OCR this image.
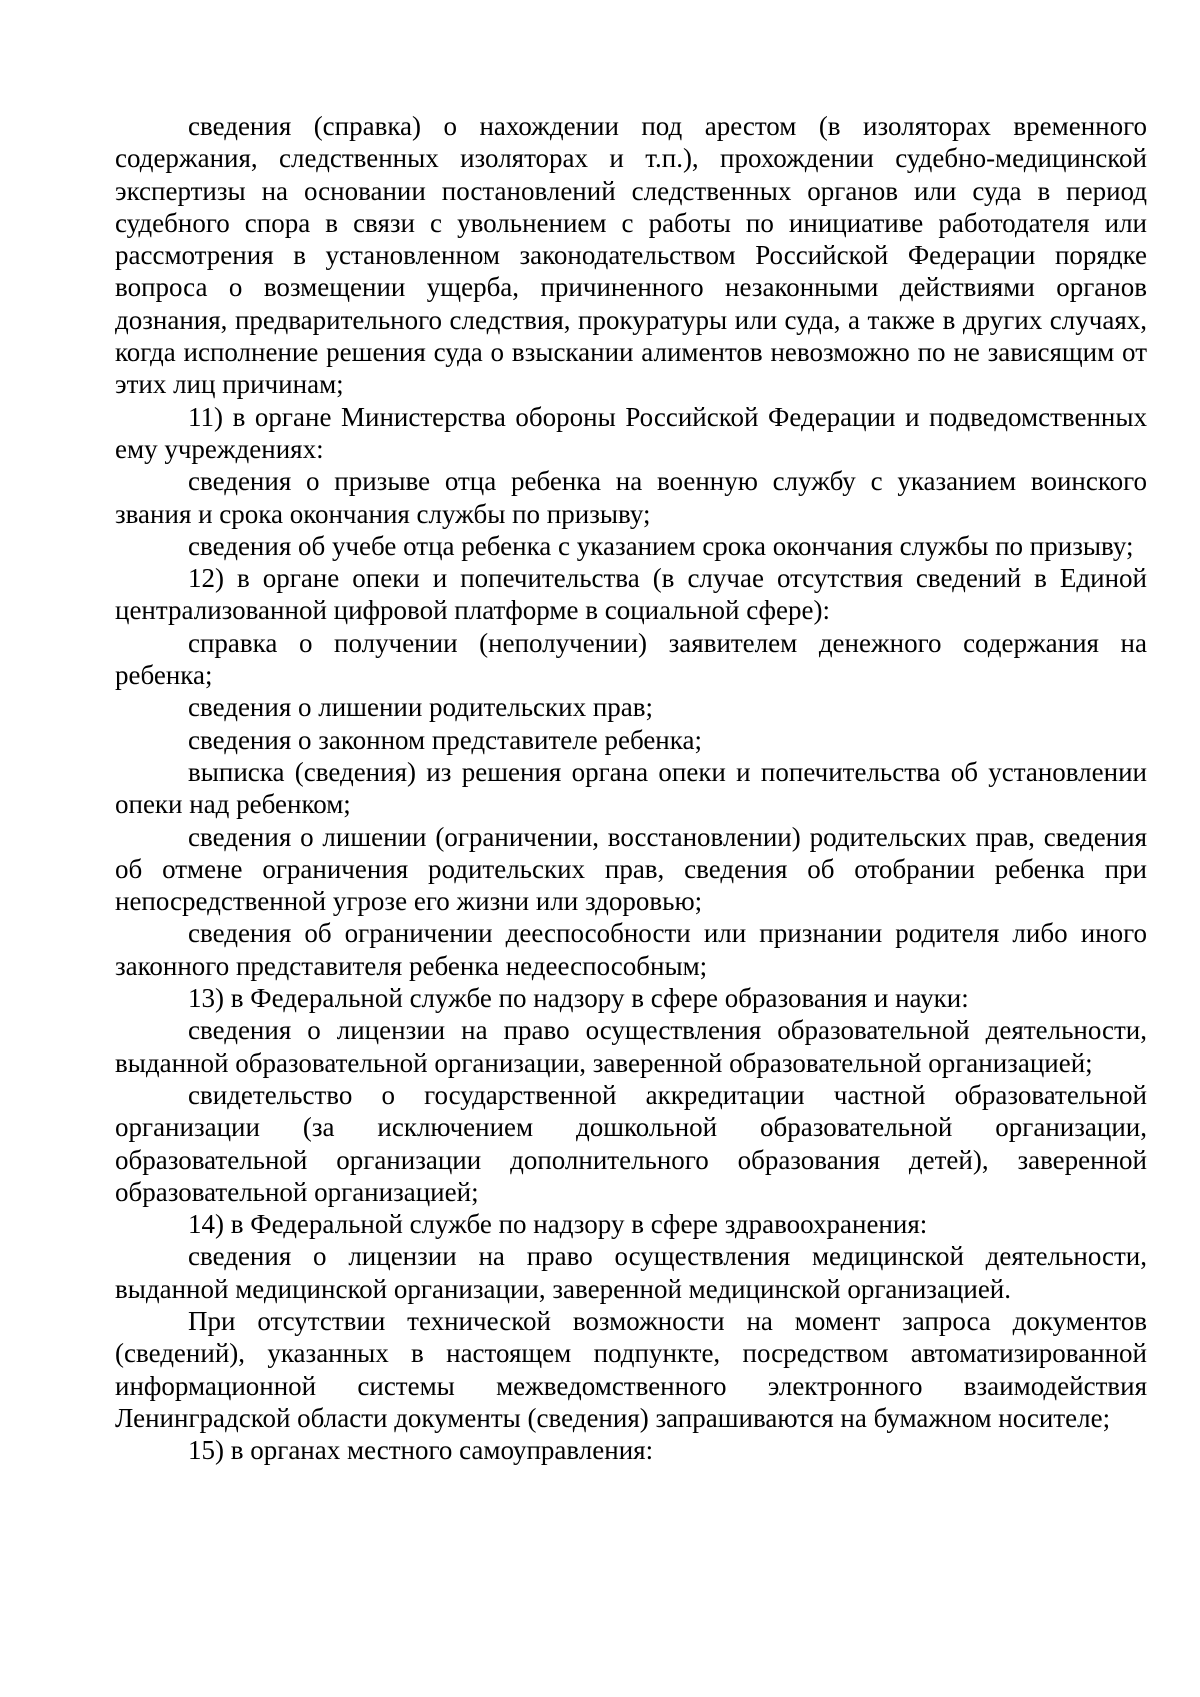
сведения (справка) о нахождении под арестом (в изоляторах временного содержания, следственных изоляторах и т.п.), прохождении судебно-медицинской экспертизы на основании постановлений следственных органов или суда в период судебного спора в связи с увольнением с работы по инициативе работодателя или рассмотрения в установленном законодательством Российской Федерации порядке вопроса о возмещении ущерба, причиненного незаконными действиями органов дознания, предварительного следствия, прокуратуры или суда, а также в других случаях, когда исполнение решения суда о взыскании алиментов невозможно по не зависящим от этих лиц причинам;

11) в органе Министерства обороны Российской Федерации и подведомственных ему учреждениях:

сведения о призыве отца ребенка на военную службу с указанием воинского звания и срока окончания службы по призыву;

сведения об учебе отца ребенка с указанием срока окончания службы по призыву;

12) в органе опеки и попечительства (в случае отсутствия сведений в Единой централизованной цифровой платформе в социальной сфере):

справка о получении (неполучении) заявителем денежного содержания на ребенка;

сведения о лишении родительских прав;

сведения о законном представителе ребенка;

выписка (сведения) из решения органа опеки и попечительства об установлении опеки над ребенком;

сведения о лишении (ограничении, восстановлении) родительских прав, сведения об отмене ограничения родительских прав, сведения об отобрании ребенка при непосредственной угрозе его жизни или здоровью;

сведения об ограничении дееспособности или признании родителя либо иного законного представителя ребенка недееспособным;

13) в Федеральной службе по надзору в сфере образования и науки:

сведения о лицензии на право осуществления образовательной деятельности, выданной образовательной организации, заверенной образовательной организацией;

свидетельство о государственной аккредитации частной образовательной организации (за исключением дошкольной образовательной организации, образовательной организации дополнительного образования детей), заверенной образовательной организацией;

14) в Федеральной службе по надзору в сфере здравоохранения:

сведения о лицензии на право осуществления медицинской деятельности, выданной медицинской организации, заверенной медицинской организацией.

При отсутствии технической возможности на момент запроса документов (сведений), указанных в настоящем подпункте, посредством автоматизированной информационной системы межведомственного электронного взаимодействия Ленинградской области документы (сведения) запрашиваются на бумажном носителе;

15) в органах местного самоуправления:
